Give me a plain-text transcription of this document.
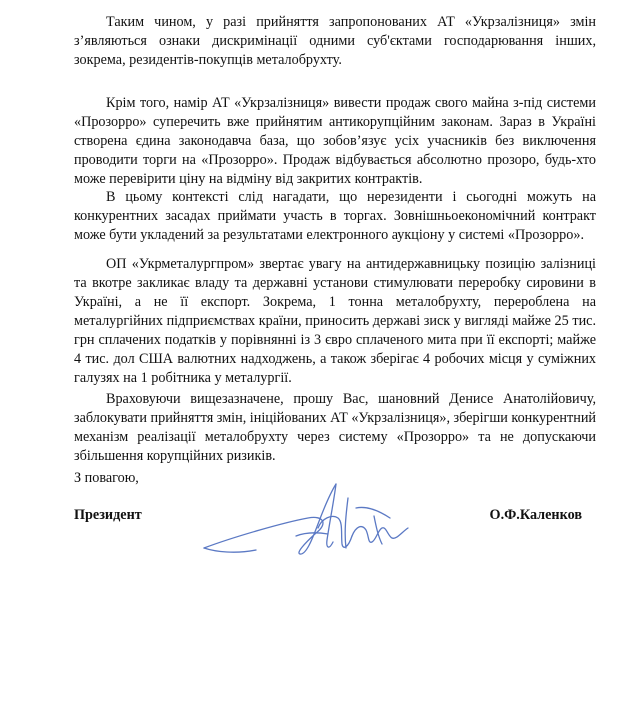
Таким чином, у разі прийняття запропонованих АТ «Укрзалізниця» змін з’являються ознаки дискримінації одними суб'єктами господарювання інших, зокрема, резидентів-покупців металобрухту.

Крім того, намір АТ «Укрзалізниця» вивести продаж свого майна з-під системи «Прозорро» суперечить вже прийнятим антикорупційним законам. Зараз в Україні створена єдина законодавча база, що зобов’язує усіх учасників без виключення проводити торги на «Прозорро». Продаж відбувається абсолютно прозоро, будь-хто може перевірити ціну на відміну від закритих контрактів.

В цьому контексті слід нагадати, що нерезиденти і сьогодні можуть на конкурентних засадах приймати участь в торгах. Зовнішньоекономічний контракт може бути укладений за результатами електронного аукціону у системі «Прозорро».

ОП «Укрметалургпром» звертає увагу на антидержавницьку позицію залізниці та вкотре закликає владу та державні установи стимулювати переробку сировини в Україні, а не її експорт. Зокрема, 1 тонна металобрухту, перероблена на металургійних підприємствах країни, приносить державі зиск у вигляді майже 25 тис. грн сплачених податків у порівнянні із 3 євро сплаченого мита при її експорті; майже 4 тис. дол США валютних надходжень, а також зберігає 4 робочих місця у суміжних галузях на 1 робітника у металургії.

Враховуючи вищезазначене, прошу Вас, шановний Денисе Анатолійовичу, заблокувати прийняття змін, ініційованих АТ «Укрзалізниця», зберігши конкурентний механізм реалізації металобрухту через систему «Прозорро» та не допускаючи збільшення корупційних ризиків.

З повагою,

Президент	О.Ф.Каленков
